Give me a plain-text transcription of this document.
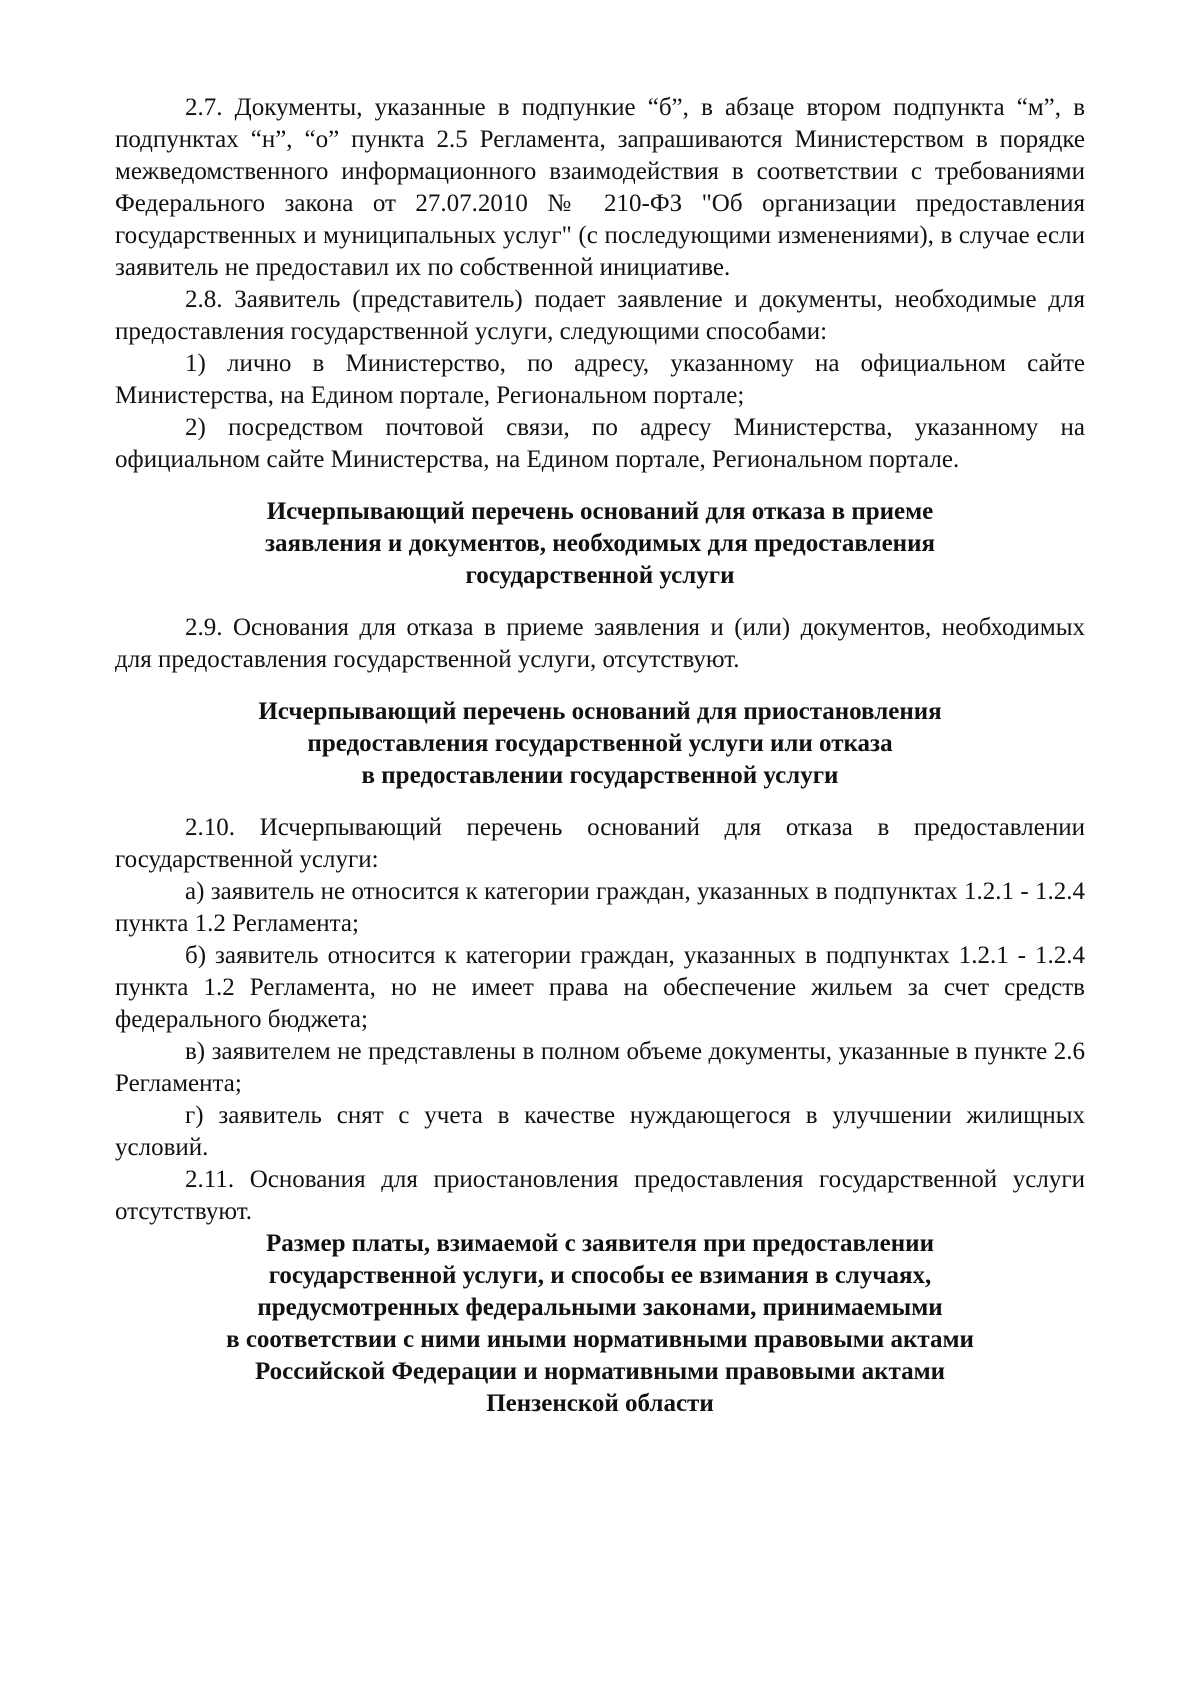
2.7. Документы, указанные в подпункие “б”, в абзаце втором подпункта “м”, в подпунктах “н”, “о” пункта 2.5 Регламента, запрашиваются Министерством в порядке межведомственного информационного взаимодействия в соответствии с требованиями Федерального закона от 27.07.2010 № 210-ФЗ "Об организации предоставления государственных и муниципальных услуг" (с последующими изменениями), в случае если заявитель не предоставил их по собственной инициативе.

2.8. Заявитель (представитель) подает заявление и документы, необходимые для предоставления государственной услуги, следующими способами:

1) лично в Министерство, по адресу, указанному на официальном сайте Министерства, на Едином портале, Региональном портале;

2) посредством почтовой связи, по адресу Министерства, указанному на официальном сайте Министерства, на Едином портале, Региональном портале.

Исчерпывающий перечень оснований для отказа в приеме
заявления и документов, необходимых для предоставления
государственной услуги

2.9. Основания для отказа в приеме заявления и (или) документов, необходимых для предоставления государственной услуги, отсутствуют.

Исчерпывающий перечень оснований для приостановления
предоставления государственной услуги или отказа
в предоставлении государственной услуги

2.10. Исчерпывающий перечень оснований для отказа в предоставлении государственной услуги:

а) заявитель не относится к категории граждан, указанных в подпунктах 1.2.1 - 1.2.4 пункта 1.2 Регламента;

б) заявитель относится к категории граждан, указанных в подпунктах 1.2.1 - 1.2.4 пункта 1.2 Регламента, но не имеет права на обеспечение жильем за счет средств федерального бюджета;

в) заявителем не представлены в полном объеме документы, указанные в пункте 2.6 Регламента;

г) заявитель снят с учета в качестве нуждающегося в улучшении жилищных условий.

2.11. Основания для приостановления предоставления государственной услуги отсутствуют.

Размер платы, взимаемой с заявителя при предоставлении
государственной услуги, и способы ее взимания в случаях,
предусмотренных федеральными законами, принимаемыми
в соответствии с ними иными нормативными правовыми актами
Российской Федерации и нормативными правовыми актами
Пензенской области
